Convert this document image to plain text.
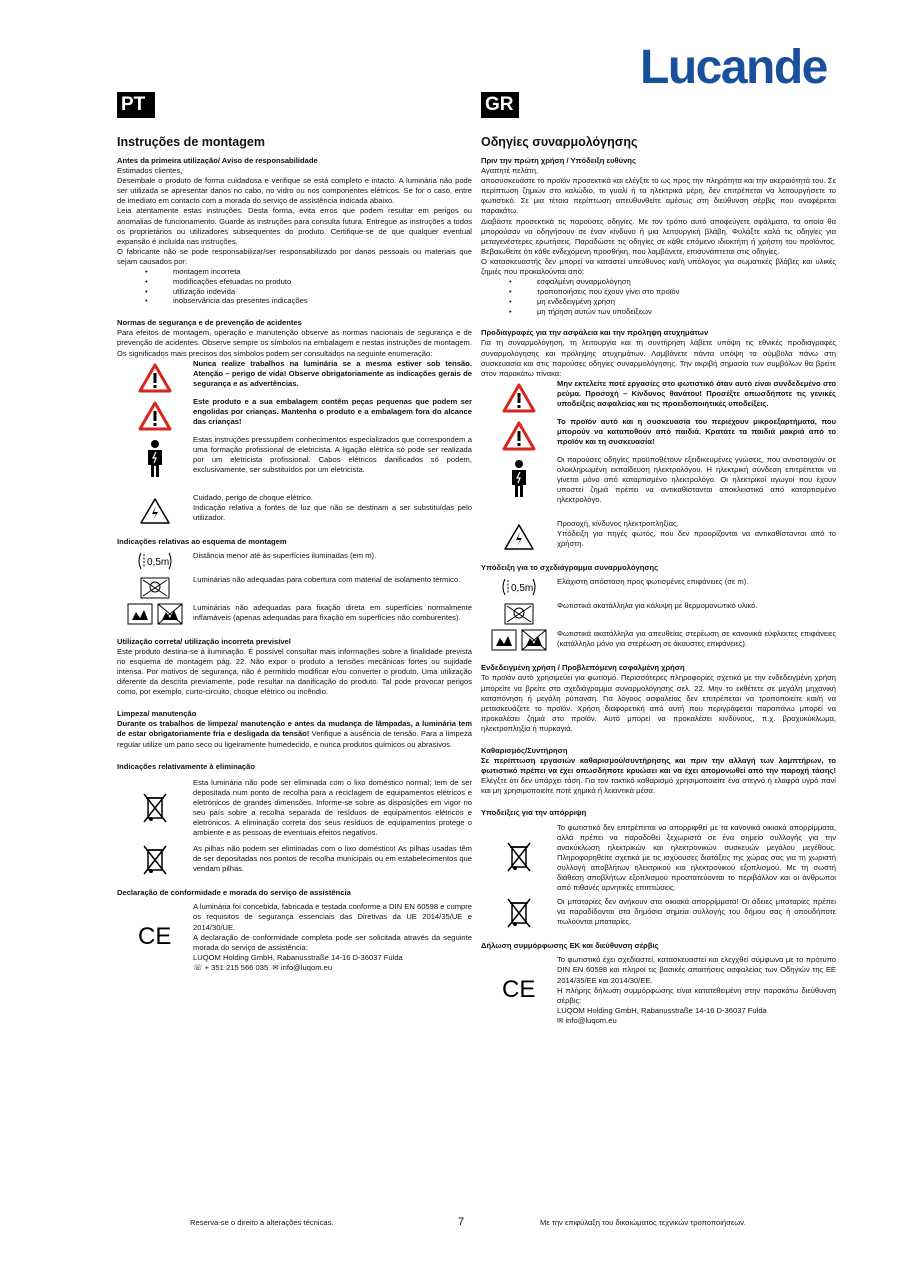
Lucande
PT	GR
Instruções de montagem
Antes da primeira utilização/ Aviso de responsabilidade

Estimados clientes,

Desembale o produto de forma cuidadosa e verifique se está completo e intacto. A luminária não pode ser utilizada se apresentar danos no cabo, no vidro ou nos componentes elétricos. Se for o caso, entre de imediato em contacto com a morada do serviço de assistência indicada abaixo.

Leia atentamente estas instruções. Desta forma, evita erros que podem resultar em perigos ou anomalias de funcionamento. Guarde as instruções para consulta futura. Entregue as instruções a todos os proprietários ou utilizadores subsequentes do produto. Certifique-se de que qualquer eventual expansão é incluída nas instruções.

O fabricante não se pode responsabilizar/ser responsabilizado por danos pessoais ou materiais que sejam causados por:

• montagem incorreta
• modificações efetuadas no produto
• utilização indevida
• inobservância das presentes indicações
Normas de segurança e de prevenção de acidentes

Para efeitos de montagem, operação e manutenção observe as normas nacionais de segurança e de prevenção de acidentes. Observe sempre os símbolos na embalagem e nestas instruções de montagem. Os significados mais precisos dos símbolos podem ser consultados na seguinte enumeração:

Nunca realize trabalhos na luminária se a mesma estiver sob tensão. Atenção – perigo de vida! Observe obrigatoriamente as indicações gerais de segurança e as advertências.
Este produto e a sua embalagem contêm peças pequenas que podem ser engolidas por crianças. Mantenha o produto e a embalagem fora do alcance das crianças!
Estas instruções pressupõem conhecimentos especializados que correspondem a uma formação profissional de eletricista. A ligação elétrica só pode ser realizada por um eletricista profissional. Cabos elétricos danificados só podem, exclusivamente, ser substituídos por um eletricista.
Cuidado, perigo de choque elétrico.
Indicação relativa a fontes de luz que não se destinam a ser substituídas pelo utilizador.
Indicações relativas ao esquema de montagem
0,5m
Distância menor até às superfícies iluminadas (em m).
Luminárias não adequadas para cobertura com material de isolamento térmico.
Luminárias não adequadas para fixação direta em superfícies normalmente inflamáveis (apenas adequadas para fixação em superfícies não comburentes).
Utilização correta/ utilização incorreta previsível

Este produto destina-se à iluminação. É possível consultar mais informações sobre a finalidade prevista no esquema de montagem pág. 22. Não expor o produto a tensões mecânicas fortes ou sujidade intensa. Por motivos de segurança, não é permitido modificar e/ou converter o produto. Uma utilização diferente da descrita previamente, pode resultar na danificação do produto. Tal pode provocar perigos como, por exemplo, curto-circuito, choque elétrico ou incêndio.

Limpeza/ manutenção

Durante os trabalhos de limpeza/ manutenção e antes da mudança de lâmpadas, a luminária tem de estar obrigatoriamente fria e desligada da tensão! Verifique a ausência de tensão. Para a limpeza regular utilize um pano seco ou ligeiramente humedecido, e nunca produtos químicos ou abrasivos.

Indicações relativamente à eliminação
Esta luminária não pode ser eliminada com o lixo doméstico normal; tem de ser depositada num ponto de recolha para a reciclagem de equipamentos elétricos e eletrónicos de grandes dimensões. Informe-se sobre as disposições em vigor no seu país sobre a recolha separada de resíduos de equipamentos elétricos e eletrónicos. A eliminação correta dos seus resíduos de equipamentos protege o ambiente e as pessoas de eventuais efeitos negativos.
As pilhas não podem ser eliminadas com o lixo doméstico! As pilhas usadas têm de ser depositadas nos pontos de recolha municipais ou em estabelecimentos que vendam pilhas.
Declaração de conformidade e morada do serviço de assistência
CE
A luminária foi concebida, fabricada e testada conforme a DIN EN 60598 e cumpre os requisitos de segurança essenciais das Diretivas da UE 2014/35/UE e 2014/30/UE.
A declaração de conformidade completa pode ser solicitada através da seguinte morada do serviço de assistência:
LUQOM Holding GmbH, Rabanusstraße 14-16 D-36037 Fulda
☏ + 351 215 566 035 ✉ info@luqom.eu
Οδηγίες συναρμολόγησης
Πριν την πρώτη χρήση / Υπόδειξη ευθύνης

Αγαπητέ πελάτη,

αποσυσκευάστε το προϊόν προσεκτικά και ελέγξτε το ως προς την πληρότητα και την ακεραιότητά του. Σε περίπτωση ζημιών στο καλώδιο, το γυαλί ή τα ηλεκτρικά μέρη, δεν επιτρέπεται να λειτουργήσετε το φωτιστικό. Σε μια τέτοια περίπτωση απευθυνθείτε αμέσως στη διεύθυνση σέρβις που αναφέρεται παρακάτω.

Διαβάστε προσεκτικά τις παρούσες οδηγίες. Με τον τρόπο αυτό αποφεύγετε σφάλματα, τα οποία θα μπορούσαν να οδηγήσουν σε έναν κίνδυνο ή μια λειτουργική βλάβη. Φυλάξτε καλά τις οδηγίες για μεταγενέστερες ερωτήσεις. Παραδώστε τις οδηγίες σε κάθε επόμενο ιδιοκτήτη ή χρήστη του προϊόντος. Βεβαιωθείτε ότι κάθε ενδεχόμενη προσθήκη, που λαμβάνετε, επισυνάπτεται στις οδηγίες.

Ο κατασκευαστής δεν μπορεί να καταστεί υπεύθυνος και/ή υπόλογος για σωματικές βλάβες και υλικές ζημιές που προκαλούνται από:

• εσφαλμένη συναρμολόγηση
• τροποποιήσεις που έχουν γίνει στο προϊόν
• μη ενδεδειγμένη χρήση
• μη τήρηση αυτών των υποδείξεων
Προδιαγραφές για την ασφάλεια και την πρόληψη ατυχημάτων

Για τη συναρμολόγηση, τη λειτουργία και τη συντήρηση λάβετε υπόψη τις εθνικές προδιαγραφές συναρμολόγησης και πρόληψης ατυχημάτων. Λαμβάνετε πάντα υπόψη τα σύμβολα πάνω στη συσκευασία και στις παρούσες οδηγίες συναρμολόγησης. Την ακριβή σημασία των συμβόλων θα βρείτε στον παρακάτω πίνακα:

Μην εκτελείτε ποτέ εργασίες στο φωτιστικό όταν αυτό είναι συνδεδεμένο στο ρεύμα. Προσοχή – Κίνδυνος θανάτου! Προσέξτε οπωσδήποτε τις γενικές υποδείξεις ασφαλείας και τις προειδοποιητικές υποδείξεις.
Το προϊόν αυτό και η συσκευασία του περιέχουν μικροεξαρτήματα, που μπορούν να καταποθούν από παιδιά. Κρατάτε τα παιδιά μακριά από το προϊόν και τη συσκευασία!
Οι παρούσες οδηγίες προϋποθέτουν εξειδικευμένες γνώσεις, που αντιστοιχούν σε ολοκληρωμένη εκπαίδευση ηλεκτρολόγου. Η ηλεκτρική σύνδεση επιτρέπεται να γίνεται μόνο από καταρτισμένο ηλεκτρολόγο. Οι ηλεκτρικοί αγωγοί που έχουν υποστεί ζημιά πρέπει να αντικαθίστανται αποκλειστικά από καταρτισμένο ηλεκτρολόγο.
Προσοχή, κίνδυνος ηλεκτροπληξίας.
Υπόδειξη για πηγές φωτός, που δεν προορίζονται να αντικαθίστανται από το χρήστη.
Υπόδειξη για το σχεδιάγραμμα συναρμολόγησης
0,5m
Ελάχιστη απόσταση προς φωτισμένες επιφάνειες (σε m).
Φωτιστικά ακατάλληλα για κάλυψη με θερμομονωτικό υλικό.
Φωτιστικά ακατάλληλα για απευθείας στερέωση σε κανονικά εύφλεκτες επιφάνειες (κατάλληλο μόνο για στερέωση σε άκαυστες επιφάνειες).
Ενδεδειγμένη χρήση / Προβλεπόμενη εσφαλμένη χρήση

Το προϊόν αυτό χρησιμεύει για φωτισμό. Περισσότερες πληροφορίες σχετικά με την ενδεδειγμένη χρήση μπορείτε να βρείτε στο σχεδιάγραμμα συναρμολόγησης σελ. 22. Μην το εκθέτετε σε μεγάλη μηχανική καταπόνηση ή μεγάλη ρύπανση. Για λόγους ασφαλείας δεν επιτρέπεται να τροποποιείτε και/ή να μετασκευάζετε το προϊόν. Χρήση διαφορετική από αυτή που περιγράφεται παραπάνω μπορεί να προκαλέσει ζημιά στο προϊόν. Αυτό μπορεί να προκαλέσει κινδύνους, π.χ. βραχυκύκλωμα, ηλεκτροπληξία ή πυρκαγιά.

Καθαρισμός/Συντήρηση

Σε περίπτωση εργασιών καθαρισμού/συντήρησης και πριν την αλλαγή των λαμπτήρων, το φωτιστικό πρέπει να έχει οπωσδήποτε κρυώσει και να έχει απομονωθεί από την παροχή τάσης! Ελέγξτε ότι δεν υπάρχει τάση. Για τον τακτικό καθαρισμό χρησιμοποιείτε ένα στεγνό ή ελαφρά υγρό πανί και μη χρησιμοποιείτε ποτέ χημικά ή λειαντικά μέσα.

Υποδείξεις για την απόρριψη
Το φωτιστικό δεν επιτρέπεται να απορριφθεί με τα κανονικά οικιακά απορρίμματα, αλλά πρέπει να παραδοθεί ξεχωριστά σε ένα σημείο συλλογής για την ανακύκλωση ηλεκτρικών και ηλεκτρονικών συσκευών μεγάλου μεγέθους. Πληροφορηθείτε σχετικά με τις ισχύουσες διατάξεις της χώρας σας για τη χωριστή συλλογή αποβλήτων ηλεκτρικού και ηλεκτρονικού εξοπλισμού. Με τη σωστή διάθεση αποβλήτων εξοπλισμού προστατεύονται το περιβάλλον και οι άνθρωποι από πιθανές αρνητικές επιπτώσεις.
Οι μπαταρίες δεν ανήκουν στα οικιακά απορρίμματα! Οι άδειες μπαταρίες πρέπει να παραδίδονται στα δημόσια σημεία συλλογής του δήμου σας ή οπουδήποτε πωλούνται μπαταρίες.
Δήλωση συμμόρφωσης ΕΚ και διεύθυνση σέρβις
CE
Το φωτιστικό έχει σχεδιαστεί, κατασκευαστεί και ελεγχθεί σύμφωνα με το πρότυπο DIN EN 60598 και πληροί τις βασικές απαιτήσεις ασφαλείας των Οδηγιών της ΕΕ 2014/35/ΕΕ και 2014/30/ΕΕ.
Η πλήρης δήλωση συμμόρφωσης είναι κατατεθειμένη στην παρακάτω διεύθυνση σέρβις:
LUQOM Holding GmbH, Rabanusstraße 14-16 D-36037 Fulda
✉ info@luqom.eu
Reserva-se o direito a alterações técnicas.	Με την επιφύλαξη του δικαιώματος τεχνικών τροποποιήσεων.
7
